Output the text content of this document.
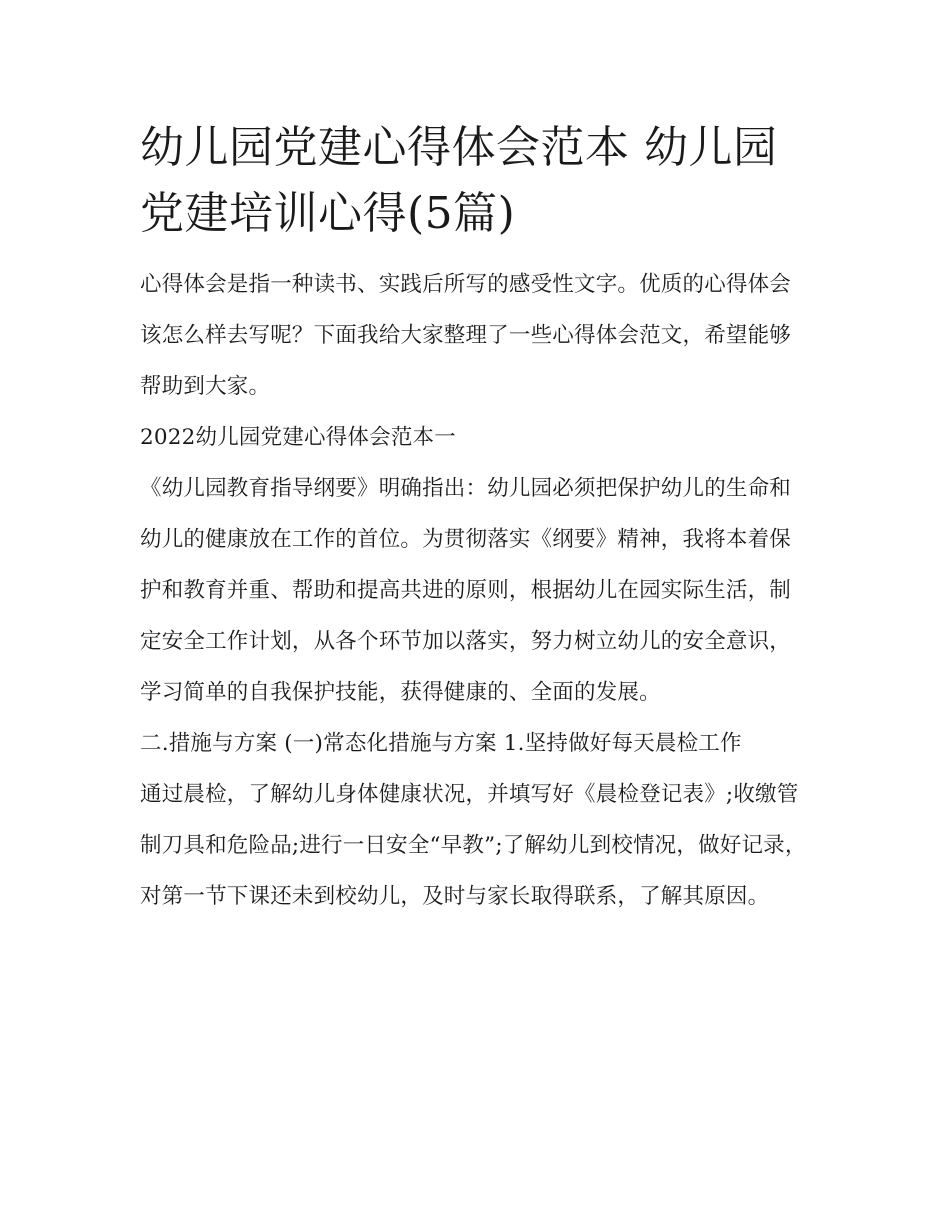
幼儿园党建心得体会范本 幼儿园党建培训心得(5篇)

心得体会是指一种读书、实践后所写的感受性文字。优质的心得体会该怎么样去写呢？下面我给大家整理了一些心得体会范文，希望能够帮助到大家。

2022幼儿园党建心得体会范本一

《幼儿园教育指导纲要》明确指出：幼儿园必须把保护幼儿的生命和幼儿的健康放在工作的首位。为贯彻落实《纲要》精神，我将本着保护和教育并重、帮助和提高共进的原则，根据幼儿在园实际生活，制定安全工作计划，从各个环节加以落实，努力树立幼儿的安全意识，学习简单的自我保护技能，获得健康的、全面的发展。

二.措施与方案 (一)常态化措施与方案 1.坚持做好每天晨检工作

通过晨检，了解幼儿身体健康状况，并填写好《晨检登记表》;收缴管制刀具和危险品;进行一日安全“早教”;了解幼儿到校情况，做好记录，对第一节下课还未到校幼儿，及时与家长取得联系，了解其原因。
